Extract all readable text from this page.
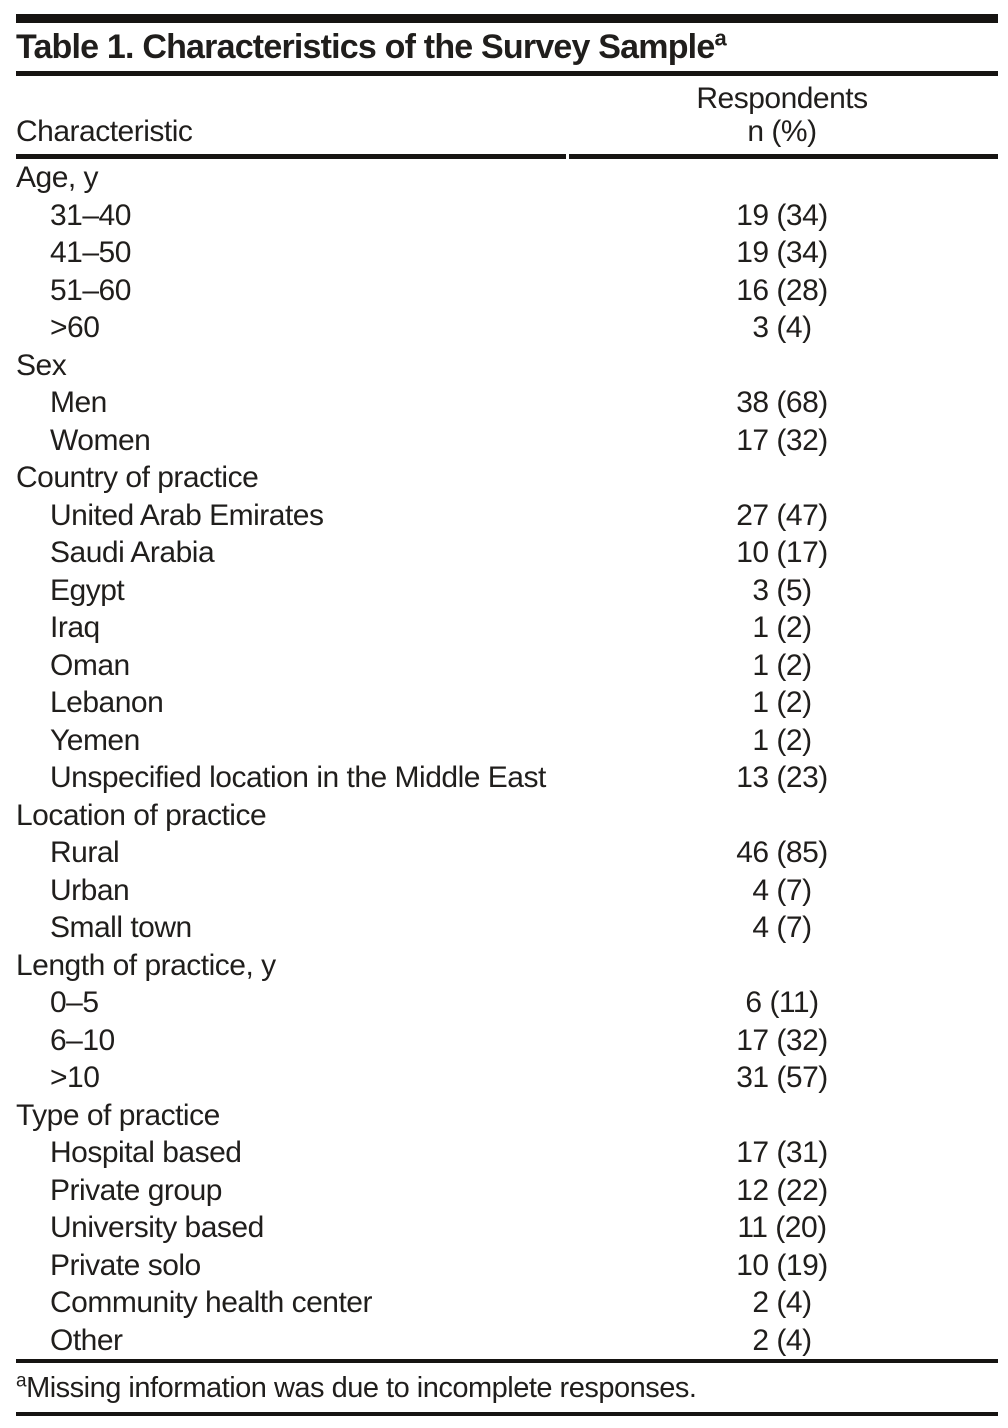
Table 1. Characteristics of the Survey Sample$^a$
Characteristic
Respondents
n (%)
Age, y	
31–40	19 (34)
41–50	19 (34)
51–60	16 (28)
>60	3 (4)
Sex	
Men	38 (68)
Women	17 (32)
Country of practice	
United Arab Emirates	27 (47)
Saudi Arabia	10 (17)
Egypt	3 (5)
Iraq	1 (2)
Oman	1 (2)
Lebanon	1 (2)
Yemen	1 (2)
Unspecified location in the Middle East	13 (23)
Location of practice	
Rural	46 (85)
Urban	4 (7)
Small town	4 (7)
Length of practice, y	
0–5	6 (11)
6–10	17 (32)
>10	31 (57)
Type of practice	
Hospital based	17 (31)
Private group	12 (22)
University based	11 (20)
Private solo	10 (19)
Community health center	2 (4)
Other	2 (4)
$^a$Missing information was due to incomplete responses.
